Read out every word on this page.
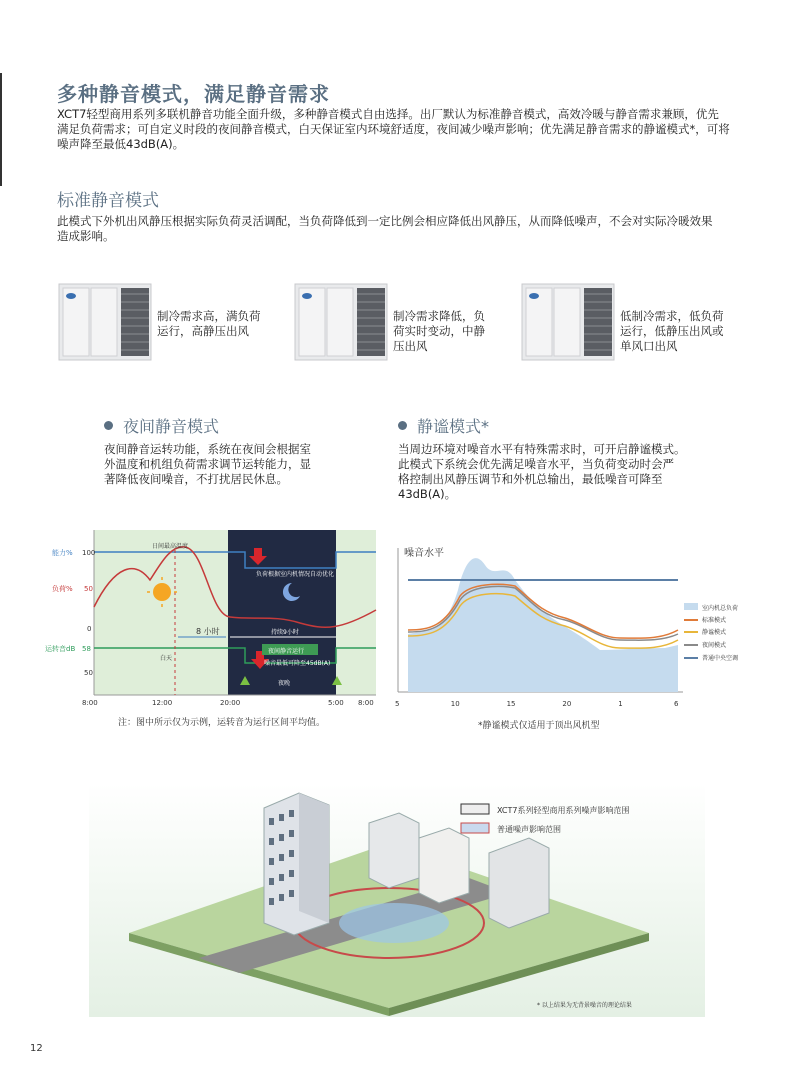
多种静音模式，满足静音需求
XCT7轻型商用系列多联机静音功能全面升级，多种静音模式自由选择。出厂默认为标准静音模式，高效冷暖与静音需求兼顾，优先
满足负荷需求；可自定义时段的夜间静音模式，白天保证室内环境舒适度，夜间减少噪声影响；优先满足静音需求的静谧模式*，可将
噪声降至最低43dB(A)。
标准静音模式
此模式下外机出风静压根据实际负荷灵活调配，当负荷降低到一定比例会相应降低出风静压，从而降低噪声，不会对实际冷暖效果
造成影响。
制冷需求高，满负荷
运行，高静压出风
制冷需求降低，负
荷实时变动，中静
压出风
低制冷需求，低负荷
运行，低静压出风或
单风口出风
夜间静音模式
夜间静音运转功能，系统在夜间会根据室
外温度和机组负荷需求调节运转能力，显
著降低夜间噪音，不打扰居民休息。
静谧模式*
当周边环境对噪音水平有特殊需求时，可开启静谧模式。
此模式下系统会优先满足噪音水平，当负荷变动时会严
格控制出风静压调节和外机总输出，最低噪音可降至
43dB(A)。
能力% 100
负荷% 50
0
运转音dB 58
50
8:00	12:00	20:00	5:00 8:00
日间最高温度
负荷根据室内机情况自动优化
8 小时	持续9小时
白天
夜间静音运行
噪音最低可降至45dB(A)
夜晚
注：图中所示仅为示例，运转音为运行区间平均值。
噪音水平
5	10	15	20	1	6
室内机总负荷
标准模式
静谧模式
夜间模式
普通中央空调
*静谧模式仅适用于顶出风机型
XCT7系列轻型商用系列噪声影响范围
普通噪声影响范围
* 以上结果为无背景噪音的理论结果
12
